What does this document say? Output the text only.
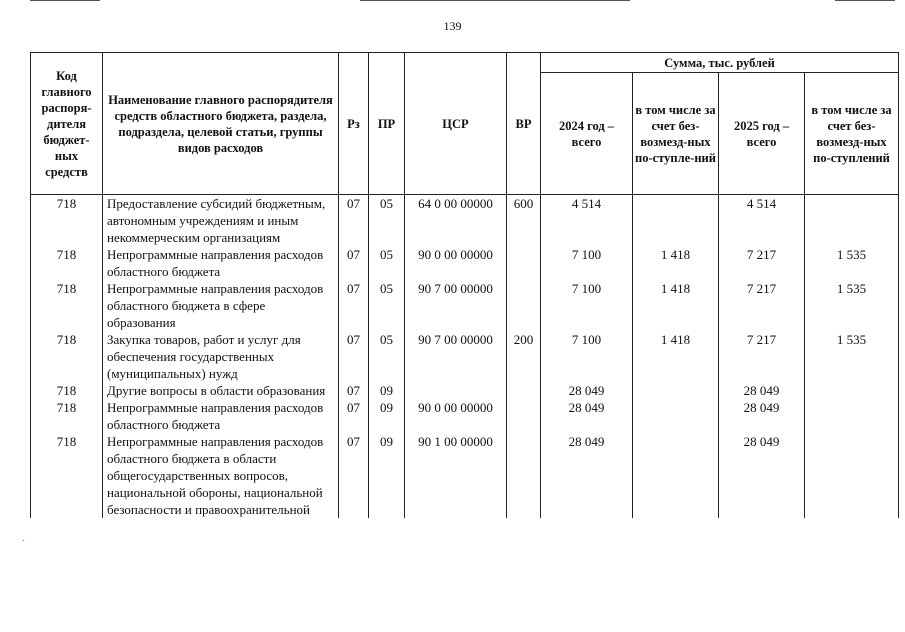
139
Код главного распоря-дителя бюджет-ных средств	Наименование главного распорядителя средств областного бюджета, раздела, подраздела, целевой статьи, группы видов расходов	Рз	ПР	ЦСР	ВР	Сумма, тыс. рублей			
						2024 год – всего	в том числе за счет без-возмезд-ных по-ступле-ний	2025 год – всего	в том числе за счет без-возмезд-ных по-ступлений
718	Предоставление субсидий бюджетным, автономным учреждениям и иным некоммерческим организациям	07	05	64 0 00 00000	600	4 514		4 514	
718	Непрограммные направления расходов областного бюджета	07	05	90 0 00 00000		7 100	1 418	7 217	1 535
718	Непрограммные направления расходов областного бюджета в сфере образования	07	05	90 7 00 00000		7 100	1 418	7 217	1 535
718	Закупка товаров, работ и услуг для обеспечения государственных (муниципальных) нужд	07	05	90 7 00 00000	200	7 100	1 418	7 217	1 535
718	Другие вопросы в области образования	07	09			28 049		28 049	
718	Непрограммные направления расходов областного бюджета	07	09	90 0 00 00000		28 049		28 049	
718	Непрограммные направления расходов областного бюджета в области общегосударственных вопросов, национальной обороны, национальной безопасности и правоохранительной	07	09	90 1 00 00000		28 049		28 049	
·
